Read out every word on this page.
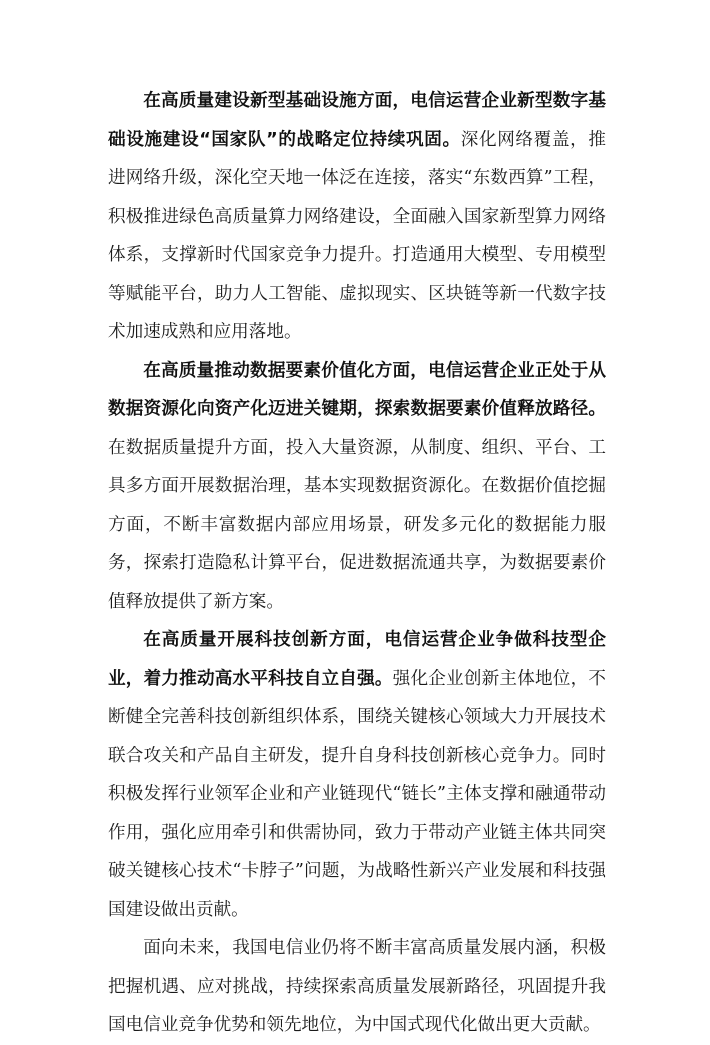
在高质量建设新型基础设施方面，电信运营企业新型数字基础设施建设“国家队”的战略定位持续巩固。深化网络覆盖，推进网络升级，深化空天地一体泛在连接，落实“东数西算”工程，积极推进绿色高质量算力网络建设，全面融入国家新型算力网络体系，支撑新时代国家竞争力提升。打造通用大模型、专用模型等赋能平台，助力人工智能、虚拟现实、区块链等新一代数字技术加速成熟和应用落地。

在高质量推动数据要素价值化方面，电信运营企业正处于从数据资源化向资产化迈进关键期，探索数据要素价值释放路径。在数据质量提升方面，投入大量资源，从制度、组织、平台、工具多方面开展数据治理，基本实现数据资源化。在数据价值挖掘方面，不断丰富数据内部应用场景，研发多元化的数据能力服务，探索打造隐私计算平台，促进数据流通共享，为数据要素价值释放提供了新方案。

在高质量开展科技创新方面，电信运营企业争做科技型企业，着力推动高水平科技自立自强。强化企业创新主体地位，不断健全完善科技创新组织体系，围绕关键核心领域大力开展技术联合攻关和产品自主研发，提升自身科技创新核心竞争力。同时积极发挥行业领军企业和产业链现代“链长”主体支撑和融通带动作用，强化应用牵引和供需协同，致力于带动产业链主体共同突破关键核心技术“卡脖子”问题，为战略性新兴产业发展和科技强国建设做出贡献。

面向未来，我国电信业仍将不断丰富高质量发展内涵，积极把握机遇、应对挑战，持续探索高质量发展新路径，巩固提升我国电信业竞争优势和领先地位，为中国式现代化做出更大贡献。
